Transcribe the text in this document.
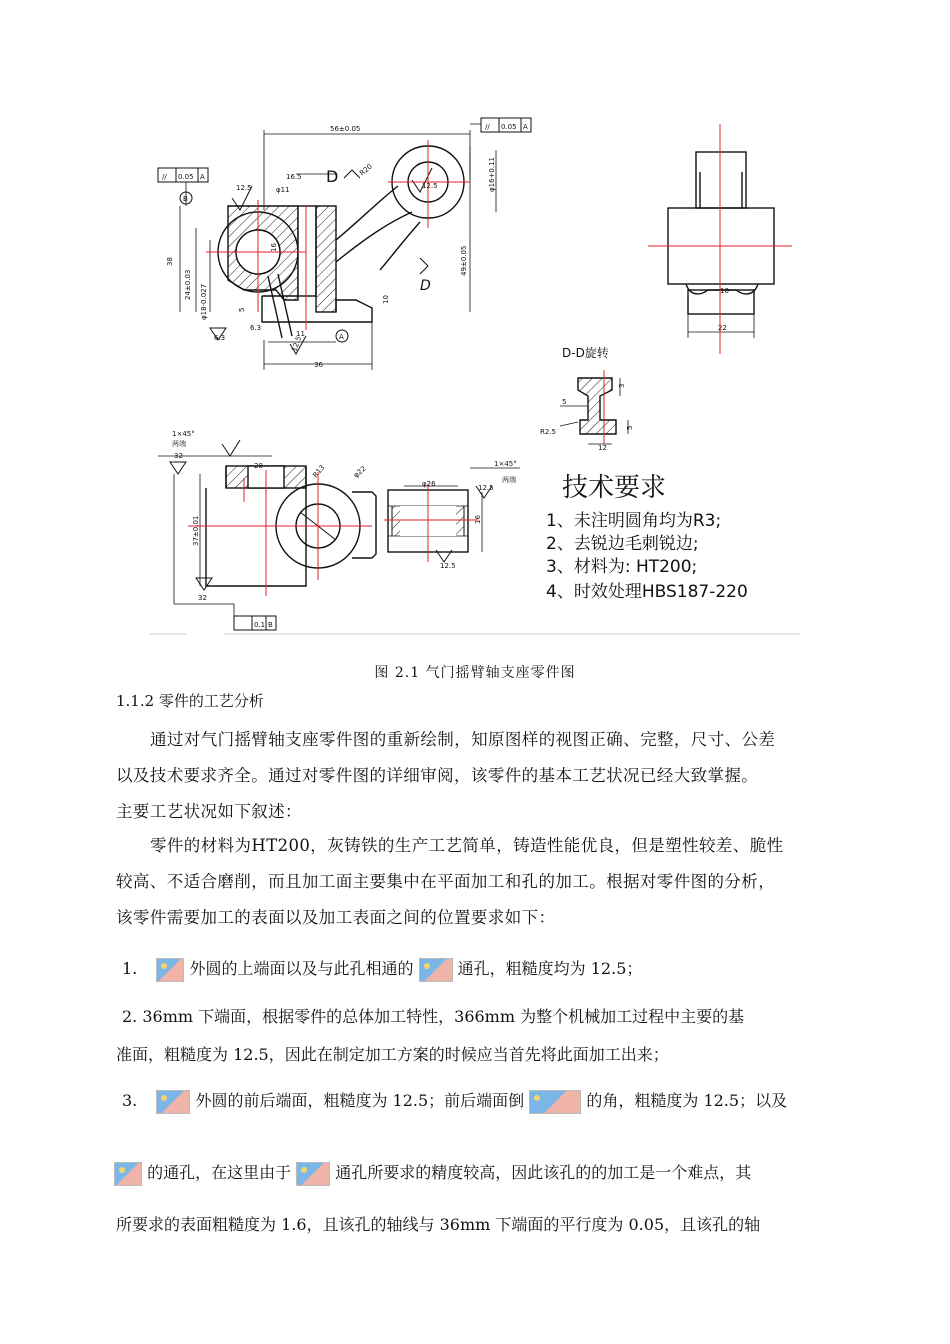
56±0.05
16.5
φ11
38
24±0.03 φ18-0.027	5
11
36
10
16
R20
49±0.05
φ16+0.11
22
10
3
5
12
5
R2.5
28	R13	φ22
φ26
16
37±0.01
1×45°
两端
1×45°
两端
// 0.05 A
// 0.05 A
0.1 B
B
A
12.5
6.3
6.3
12.5
32
32
12.5
12.5
12.5
D
D
D-D旋转
技术要求
1、未注明圆角均为R3;
2、去锐边毛刺锐边;
3、材料为: HT200;
4、时效处理HBS187-220
图 2.1 气门摇臂轴支座零件图
1.1.2 零件的工艺分析
通过对气门摇臂轴支座零件图的重新绘制，知原图样的视图正确、完整，尺寸、公差
以及技术要求齐全。通过对零件图的详细审阅，该零件的基本工艺状况已经大致掌握。
主要工艺状况如下叙述：
零件的材料为HT200，灰铸铁的生产工艺简单，铸造性能优良，但是塑性较差、脆性
较高、不适合磨削，而且加工面主要集中在平面加工和孔的加工。根据对零件图的分析，
该零件需要加工的表面以及加工表面之间的位置要求如下：
1.	外圆的上端面以及与此孔相通的	通孔，粗糙度均为 12.5；
2. 36mm 下端面，根据零件的总体加工特性，366mm 为整个机械加工过程中主要的基
准面，粗糙度为 12.5，因此在制定加工方案的时候应当首先将此面加工出来；
3.	外圆的前后端面，粗糙度为 12.5；前后端面倒	的角，粗糙度为 12.5；以及
的通孔，在这里由于	通孔所要求的精度较高，因此该孔的的加工是一个难点，其
所要求的表面粗糙度为 1.6，且该孔的轴线与 36mm 下端面的平行度为 0.05，且该孔的轴
